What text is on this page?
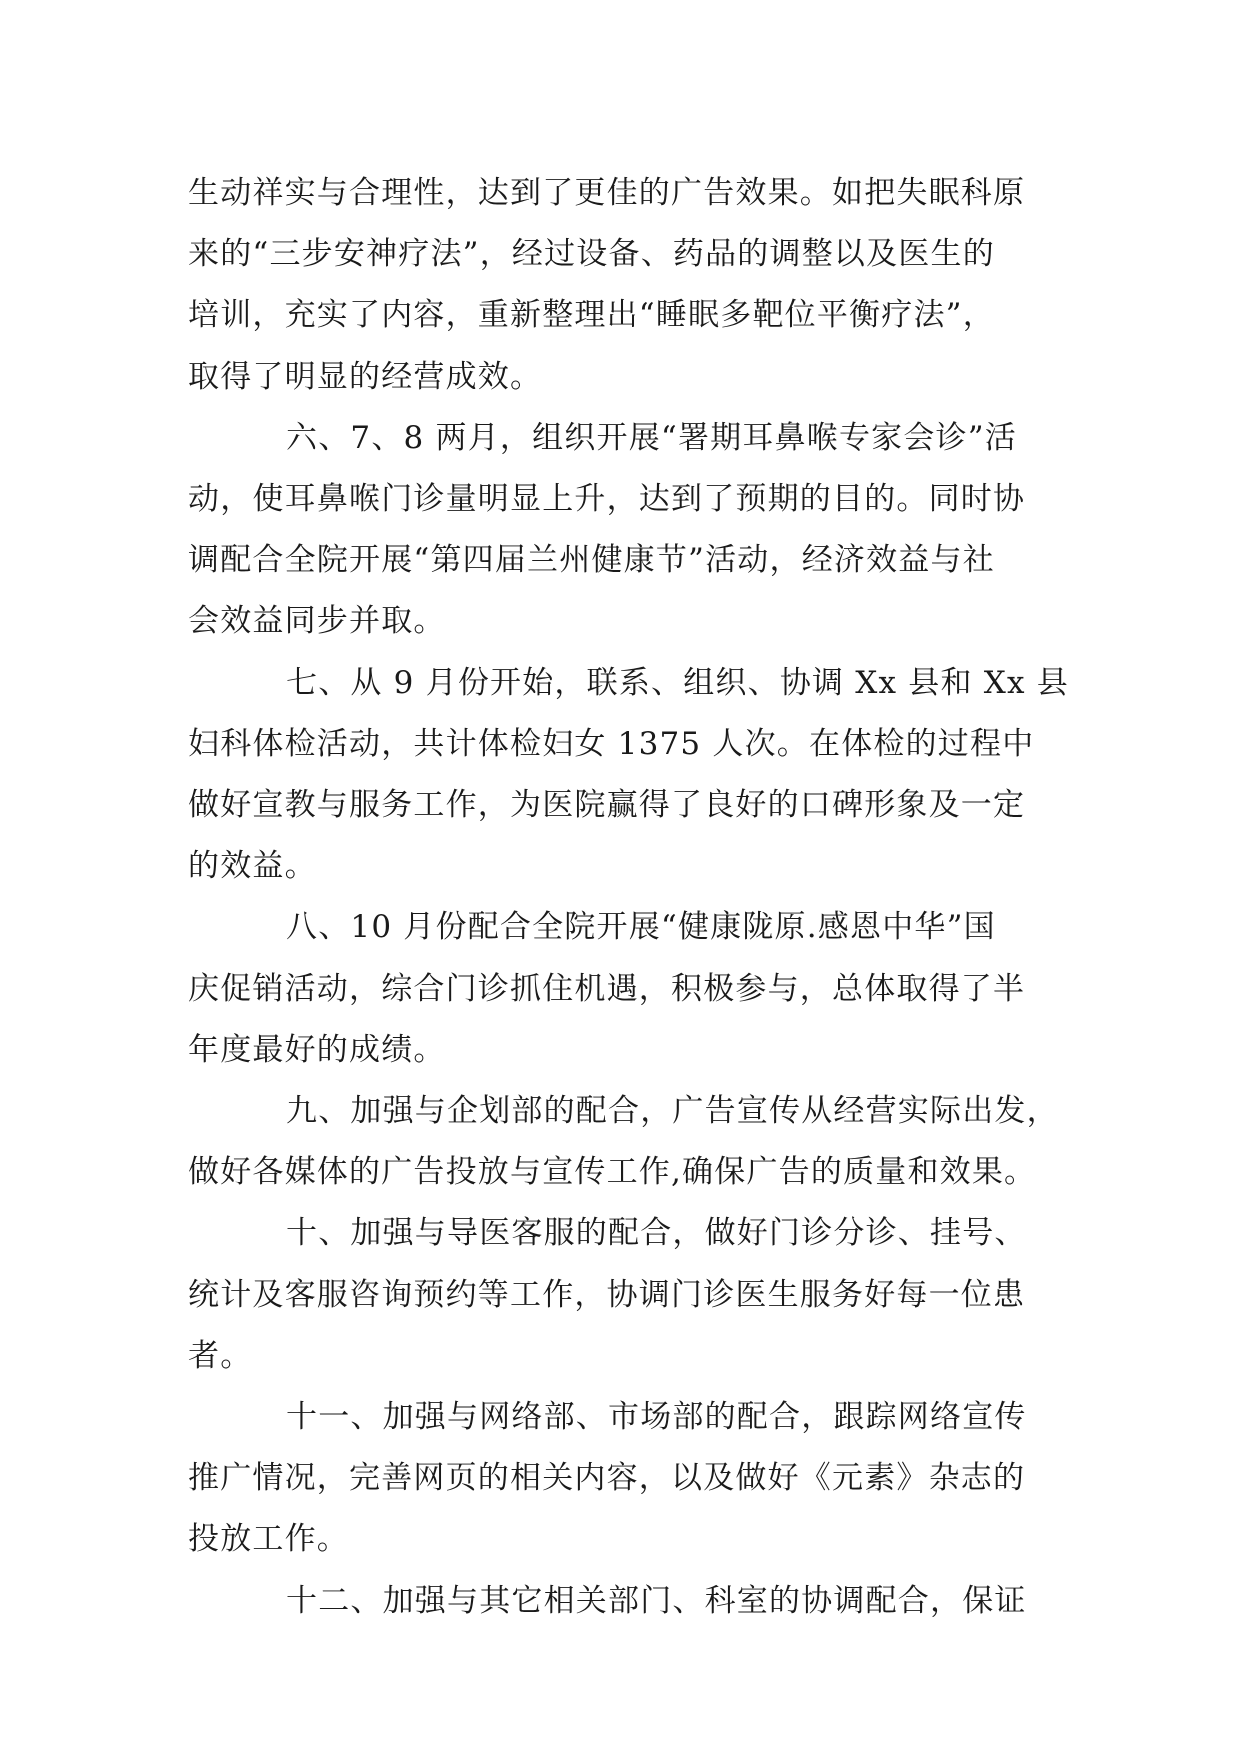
生动祥实与合理性，达到了更佳的广告效果。如把失眠科原
来的“三步安神疗法”，经过设备、药品的调整以及医生的
培训，充实了内容，重新整理出“睡眠多靶位平衡疗法”，
取得了明显的经营成效。
六、7、8 两月，组织开展“署期耳鼻喉专家会诊”活
动，使耳鼻喉门诊量明显上升，达到了预期的目的。同时协
调配合全院开展“第四届兰州健康节”活动，经济效益与社
会效益同步并取。
七、从 9 月份开始，联系、组织、协调 Xx 县和 Xx 县
妇科体检活动，共计体检妇女 1375 人次。在体检的过程中
做好宣教与服务工作，为医院赢得了良好的口碑形象及一定
的效益。
八、10 月份配合全院开展“健康陇原.感恩中华”国
庆促销活动，综合门诊抓住机遇，积极参与，总体取得了半
年度最好的成绩。
九、加强与企划部的配合，广告宣传从经营实际出发，
做好各媒体的广告投放与宣传工作,确保广告的质量和效果。
十、加强与导医客服的配合，做好门诊分诊、挂号、
统计及客服咨询预约等工作，协调门诊医生服务好每一位患
者。
十一、加强与网络部、市场部的配合，跟踪网络宣传
推广情况，完善网页的相关内容，以及做好《元素》杂志的
投放工作。
十二、加强与其它相关部门、科室的协调配合，保证
